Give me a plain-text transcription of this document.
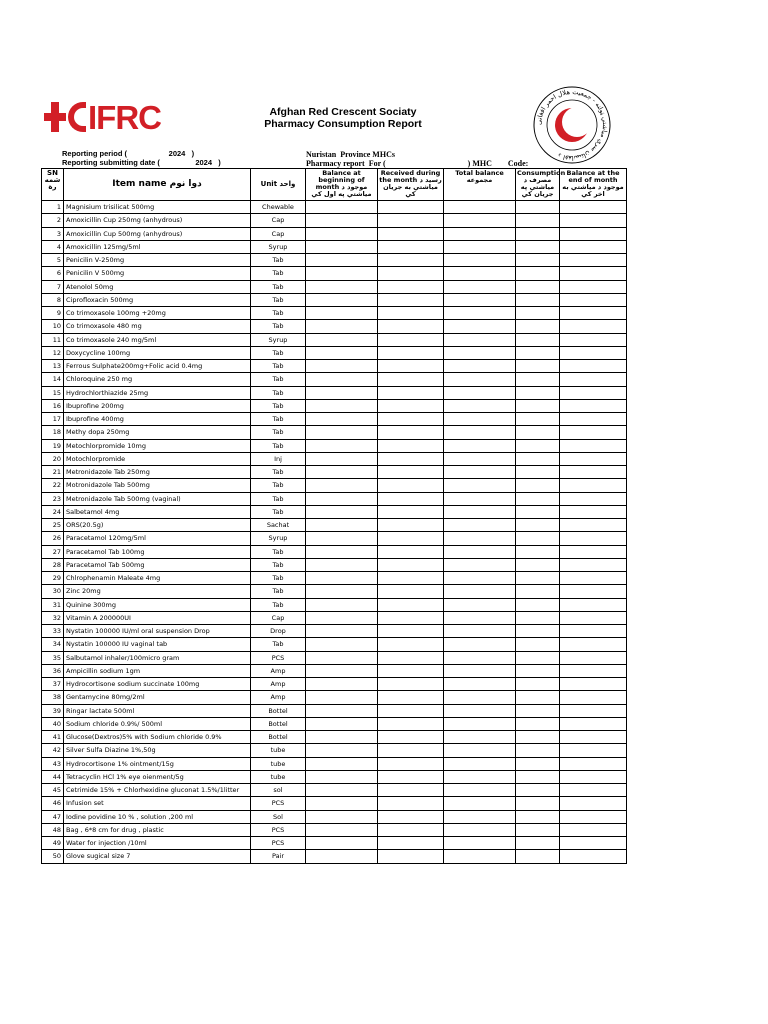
IFRC	Afghan Red Crescent Sociaty
Pharmacy Consumption Report	د افغانستان سري میاشتي ټولنه - جمعیت هلال احمر افغانی
Reporting period (                    2024   )
Reporting submitting date (                 2024   )
Nuristan  Province MHCs
Pharmacy report  For (                                         ) MHC        Code:
SN شمه رة	Item name دوا نوم	Unit واحد	Balance at beginning of month موجود د میاشتي په اول کي	Received during the month رسید د میاشتي به جریان کي	Total balance مجموعه	Consumption مصرف د میاشتي په جریان کي	Balance at the end of month موجود د میاشتي به اخر کي
1	Magnisium trisilicat 500mg	Chewable					
2	Amoxicillin Cup 250mg (anhydrous)	Cap					
3	Amoxicillin Cup 500mg (anhydrous)	Cap					
4	Amoxicillin 125mg/5ml	Syrup					
5	Penicilin V-250mg	Tab					
6	Penicilin V 500mg	Tab					
7	Atenolol 50mg	Tab					
8	Ciprofloxacin 500mg	Tab					
9	Co trimoxasole 100mg +20mg	Tab					
10	Co trimoxasole 480 mg	Tab					
11	Co trimoxasole 240 mg/5ml	Syrup					
12	Doxycycline 100mg	Tab					
13	Ferrous Sulphate200mg+Folic acid 0.4mg	Tab					
14	Chloroquine 250 mg	Tab					
15	Hydrochlorthiazide 25mg	Tab					
16	Ibuprofine 200mg	Tab					
17	Ibuprofine 400mg	Tab					
18	Methy dopa 250mg	Tab					
19	Metochlorpromide 10mg	Tab					
20	Motochlorpromide	Inj					
21	Metronidazole Tab 250mg	Tab					
22	Motronidazole Tab 500mg	Tab					
23	Metronidazole Tab 500mg (vaginal)	Tab					
24	Salbetamol 4mg	Tab					
25	ORS(20.5g)	Sachat					
26	Paracetamol 120mg/5ml	Syrup					
27	Paracetamol Tab 100mg	Tab					
28	Paracetamol Tab 500mg	Tab					
29	Chlrophenamin Maleate 4mg	Tab					
30	Zinc 20mg	Tab					
31	Quinine 300mg	Tab					
32	Vitamin A 200000UI	Cap					
33	Nystatin 100000 IU/ml oral suspension Drop	Drop					
34	Nystatin 100000 IU vaginal tab	Tab					
35	Salbutamol inhaler/100micro gram	PCS					
36	Ampicillin sodium 1gm	Amp					
37	Hydrocortisone sodium succinate 100mg	Amp					
38	Gentamycine 80mg/2ml	Amp					
39	Ringar lactate 500ml	Bottel					
40	Sodium chloride 0.9%/ 500ml	Bottel					
41	Glucose(Dextros)5% with Sodium chloride 0.9%	Bottel					
42	Silver Sulfa Diazine 1%,50g	tube					
43	Hydrocortisone 1% ointment/15g	tube					
44	Tetracyclin HCl 1% eye oienment/5g	tube					
45	Cetrimide 15% + Chlorhexidine gluconat 1.5%/1litter	sol					
46	Infusion set	PCS					
47	Iodine povidine 10 % , solution ,200 ml	Sol					
48	Bag , 6*8 cm for drug , plastic	PCS					
49	Water for injection /10ml	PCS					
50	Glove sugical size 7	Pair					
